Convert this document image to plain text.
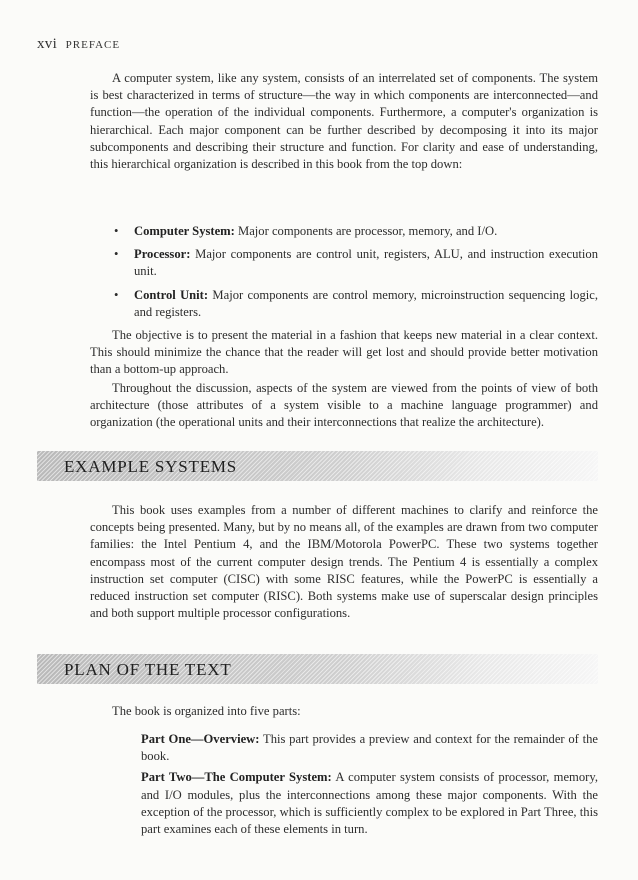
xvi PREFACE

A computer system, like any system, consists of an interrelated set of components. The system is best characterized in terms of structure—the way in which components are interconnected—and function—the operation of the individual components. Furthermore, a computer's organization is hierarchical. Each major component can be further described by decomposing it into its major subcomponents and describing their structure and function. For clarity and ease of understanding, this hierarchical organization is described in this book from the top down:

• Computer System: Major components are processor, memory, and I/O.
• Processor: Major components are control unit, registers, ALU, and instruction execution unit.
• Control Unit: Major components are control memory, microinstruction sequencing logic, and registers.

The objective is to present the material in a fashion that keeps new material in a clear context. This should minimize the chance that the reader will get lost and should provide better motivation than a bottom-up approach.

Throughout the discussion, aspects of the system are viewed from the points of view of both architecture (those attributes of a system visible to a machine language programmer) and organization (the operational units and their interconnections that realize the architecture).

EXAMPLE SYSTEMS

This book uses examples from a number of different machines to clarify and reinforce the concepts being presented. Many, but by no means all, of the examples are drawn from two computer families: the Intel Pentium 4, and the IBM/Motorola PowerPC. These two systems together encompass most of the current computer design trends. The Pentium 4 is essentially a complex instruction set computer (CISC) with some RISC features, while the PowerPC is essentially a reduced instruction set computer (RISC). Both systems make use of superscalar design principles and both support multiple processor configurations.

PLAN OF THE TEXT

The book is organized into five parts:

Part One—Overview: This part provides a preview and context for the remainder of the book.

Part Two—The Computer System: A computer system consists of processor, memory, and I/O modules, plus the interconnections among these major components. With the exception of the processor, which is sufficiently complex to be explored in Part Three, this part examines each of these elements in turn.
